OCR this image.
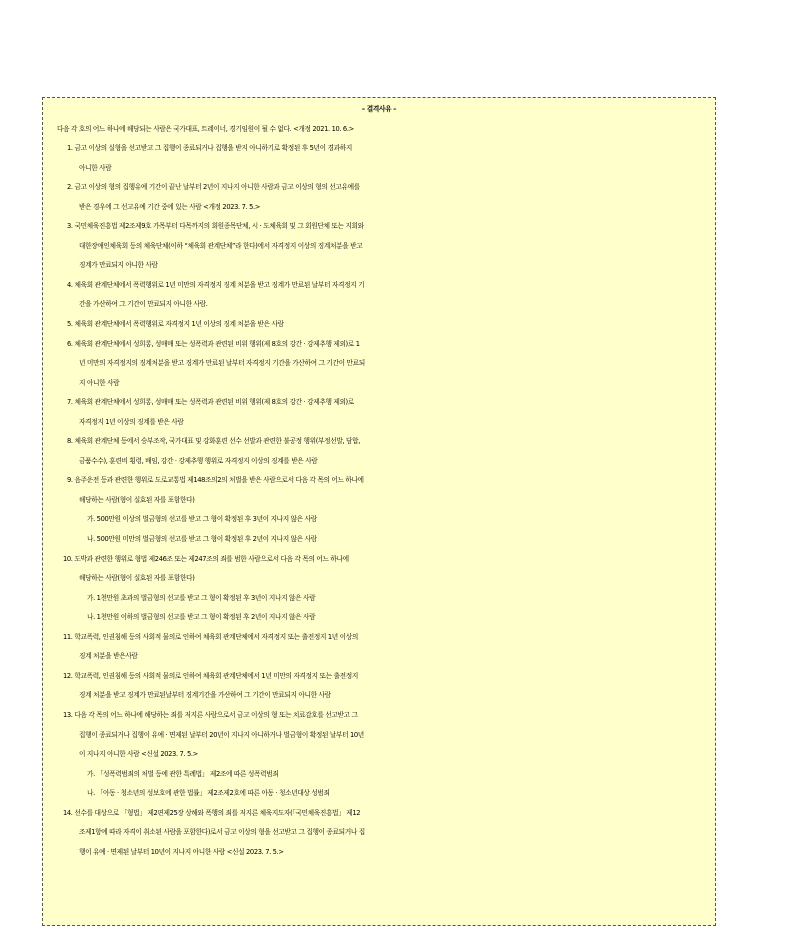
– 결격사유 –
다음 각 호의 어느 하나에 해당되는 사람은 국가대표, 트레이너, 경기임원이 될 수 없다. <개정 2021. 10. 6.>
1. 금고 이상의 실형을 선고받고 그 집행이 종료되거나 집행을 받지 아니하기로 확정된 후 5년이 경과하지
아니한 사람
2. 금고 이상의 형의 집행유예 기간이 끝난 날부터 2년이 지나지 아니한 사람과 금고 이상의 형의 선고유예를
받은 경우에 그 선고유예 기간 중에 있는 사람 <개정 2023. 7. 5.>
3. 국민체육진흥법 제2조제9호 가목부터 다목까지의 회원종목단체, 시 · 도체육회 및 그 회원단체 또는 지회와
대한장애인체육회 등의 체육단체(이하 “체육회 관계단체”라 한다)에서 자격정지 이상의 징계처분을 받고
징계가 만료되지 아니한 사람
4. 체육회 관계단체에서 폭력행위로 1년 미만의 자격정지 징계 처분을 받고 징계가 만료된 날부터 자격정지 기
간을 가산하여 그 기간이 만료되지 아니한 사람.
5. 체육회 관계단체에서 폭력행위로 자격정지 1년 이상의 징계 처분을 받은 사람
6. 체육회 관계단체에서 성희롱, 성매매 또는 성폭력과 관련된 비위 행위(제 8호의 강간 · 강제추행 제외)로 1
년 미만의 자격정지의 징계처분을 받고 징계가 만료된 날부터 자격정지 기간을 가산하여 그 기간이 만료되
지 아니한 사람
7. 체육회 관계단체에서 성희롱, 성매매 또는 성폭력과 관련된 비위 행위(제 8호의 강간 · 강제추행 제외)로
자격정지 1년 이상의 징계를 받은 사람
8. 체육회 관계단체 등에서 승부조작, 국가대표 및 강화훈련 선수 선발과 관련한 불공정 행위(부정선발, 담합,
금품수수), 훈련비 횡령, 배임, 강간 · 강제추행 행위로 자격정지 이상의 징계를 받은 사람
9. 음주운전 등과 관련한 행위로 도로교통법 제148조의2의 처벌을 받은 사람으로서 다음 각 목의 어느 하나에
해당하는 사람(형이 실효된 자를 포함한다)
가. 500만원 이상의 벌금형의 선고를 받고 그 형이 확정된 후 3년이 지나지 않은 사람
나. 500만원 미만의 벌금형의 선고를 받고 그 형이 확정된 후 2년이 지나지 않은 사람
10. 도박과 관련한 행위로 형법 제246조 또는 제247조의 죄를 범한 사람으로서 다음 각 목의 어느 하나에
해당하는 사람(형이 실효된 자를 포함한다)
가. 1천만원 초과의 벌금형의 선고를 받고 그 형이 확정된 후 3년이 지나지 않은 사람
나. 1천만원 이하의 벌금형의 선고를 받고 그 형이 확정된 후 2년이 지나지 않은 사람
11. 학교폭력, 인권침해 등의 사회적 물의로 인하여 체육회 관계단체에서 자격정지 또는 출전정지 1년 이상의
징계 처분을 받은사람
12. 학교폭력, 인권침해 등의 사회적 물의로 인하여 체육회 관계단체에서 1년 미만의 자격정지 또는 출전정지
징계 처분을 받고 징계가 만료된날부터 징계기간을 가산하여 그 기간이 만료되지 아니한 사람
13. 다음 각 목의 어느 하나에 해당하는 죄를 저지른 사람으로서 금고 이상의 형 또는 치료감호를 선고받고 그
집행이 종료되거나 집행이 유예 · 면제된 날부터 20년이 지나지 아니하거나 벌금형이 확정된 날부터 10년
이 지나지 아니한 사람 <신설 2023. 7. 5.>
가. 「성폭력범죄의 처벌 등에 관한 특례법」 제2조에 따른 성폭력범죄
나. 「아동 · 청소년의 성보호에 관한 법률」 제2조제2호에 따른 아동 · 청소년대상 성범죄
14. 선수를 대상으로 「형법」 제2편제25장 상해와 폭행의 죄를 저지른 체육지도자(「국민체육진흥법」 제12
조제1항에 따라 자격이 취소된 사람을 포함한다)로서 금고 이상의 형을 선고받고 그 집행이 종료되거나 집
행이 유예 · 면제된 날부터 10년이 지나지 아니한 사람 <신설 2023. 7. 5.>
